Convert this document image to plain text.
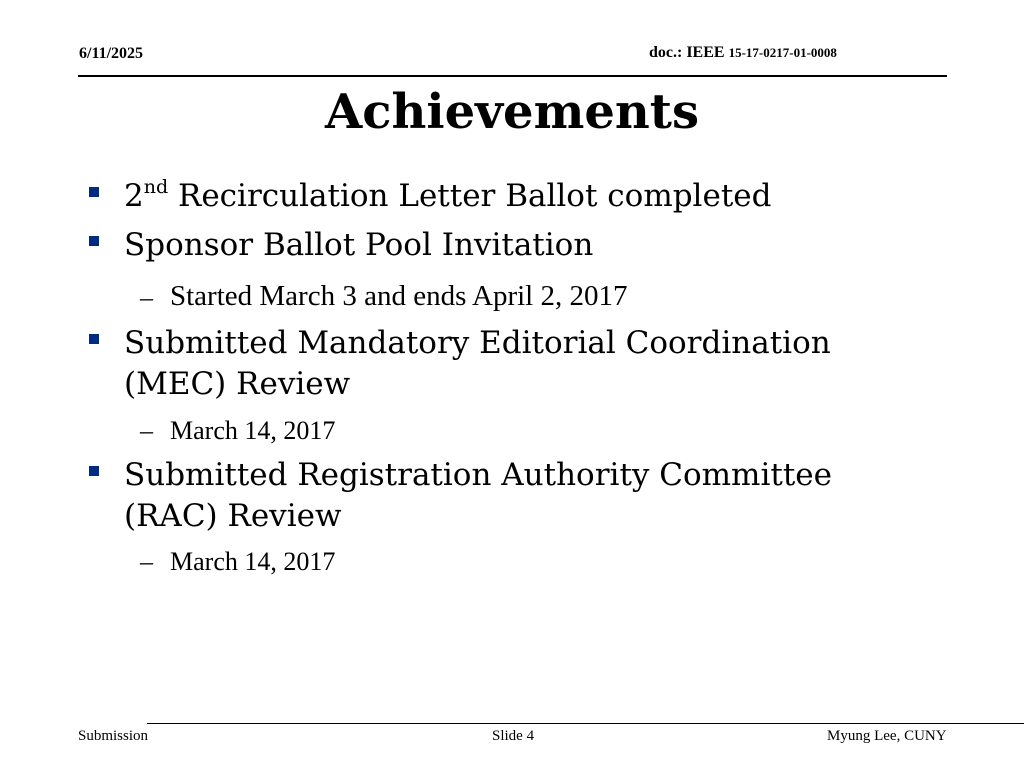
6/11/2025	doc.: IEEE 15-17-0217-01-0008
Achievements
2nd Recirculation Letter Ballot completed
Sponsor Ballot Pool Invitation
– Started March 3 and ends April 2, 2017
Submitted Mandatory Editorial Coordination
(MEC) Review
– March 14, 2017
Submitted Registration Authority Committee
(RAC) Review
– March 14, 2017
Submission	Slide 4	Myung Lee, CUNY
